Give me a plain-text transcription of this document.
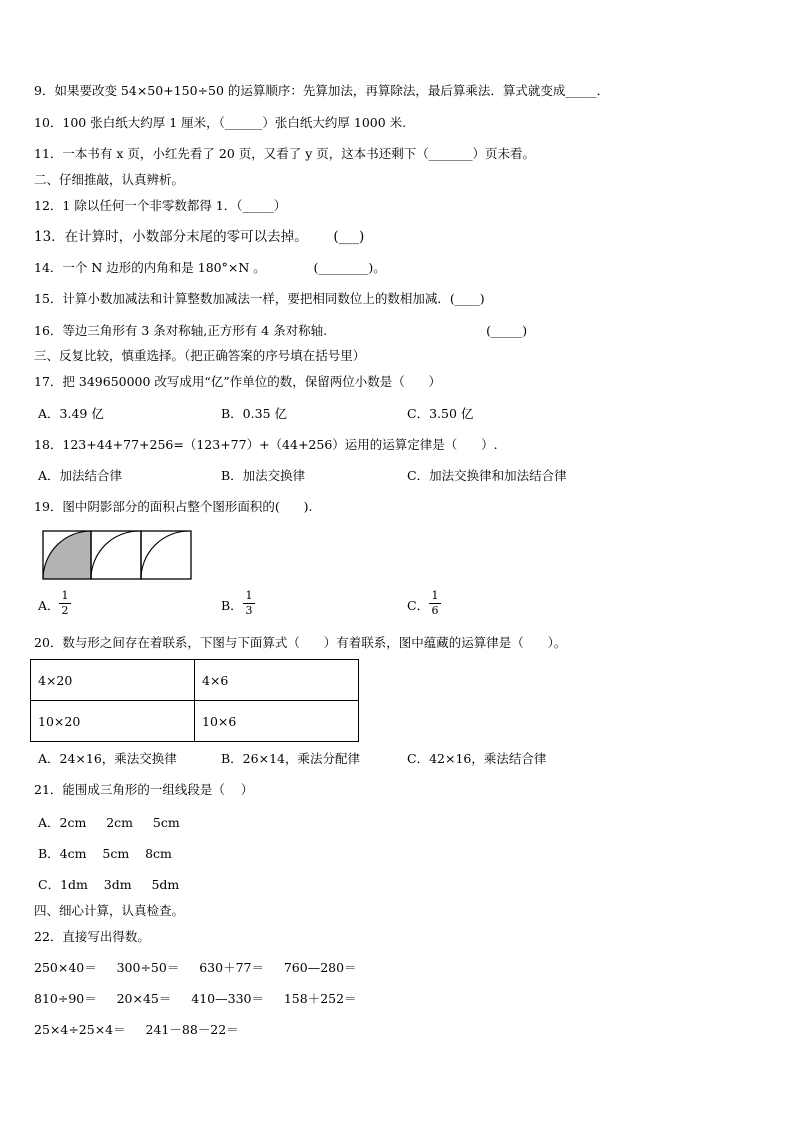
9．如果要改变 54×50+150÷50 的运算顺序：先算加法，再算除法，最后算乘法．算式就变成_____．
10．100 张白纸大约厚 1 厘米，（______）张白纸大约厚 1000 米.
11．一本书有 x 页，小红先看了 20 页，又看了 y 页，这本书还剩下（_______）页未看。
二、仔细推敲，认真辨析。
12．1 除以任何一个非零数都得 1．（_____）
13．在计算时，小数部分末尾的零可以去掉。      (___)
14．一个 N 边形的内角和是 180°×N 。            (________)。
15．计算小数加减法和计算整数加减法一样，要把相同数位上的数相加减．(____)
16．等边三角形有 3 条对称轴,正方形有 4 条对称轴.                                        (_____)
三、反复比较，慎重选择。（把正确答案的序号填在括号里）
17．把 349650000 改写成用“亿”作单位的数，保留两位小数是（      ）
A．3.49 亿	B．0.35 亿	C．3.50 亿
18．123+44+77+256=（123+77）+（44+256）运用的运算定律是（      ）.
A．加法结合律	B．加法交换律	C．加法交换律和加法结合律
19．图中阴影部分的面积占整个图形面积的(      ).
A．
1
2	B．
1
3	C．
1
6
20．数与形之间存在着联系，下图与下面算式（      ）有着联系，图中蕴藏的运算律是（      ）。
4×20	4×6
10×20	10×6
A．24×16，乘法交换律	B．26×14，乘法分配律	C．42×16，乘法结合律
21．能围成三角形的一组线段是（    ）
A．2cm     2cm     5cm
B．4cm    5cm    8cm
C．1dm    3dm     5dm
四、细心计算，认真检查。
22．直接写出得数。
250×40＝     300÷50＝     630＋77＝     760—280＝
810÷90＝     20×45＝     410—330＝     158＋252＝
25×4÷25×4＝     241－88－22＝
